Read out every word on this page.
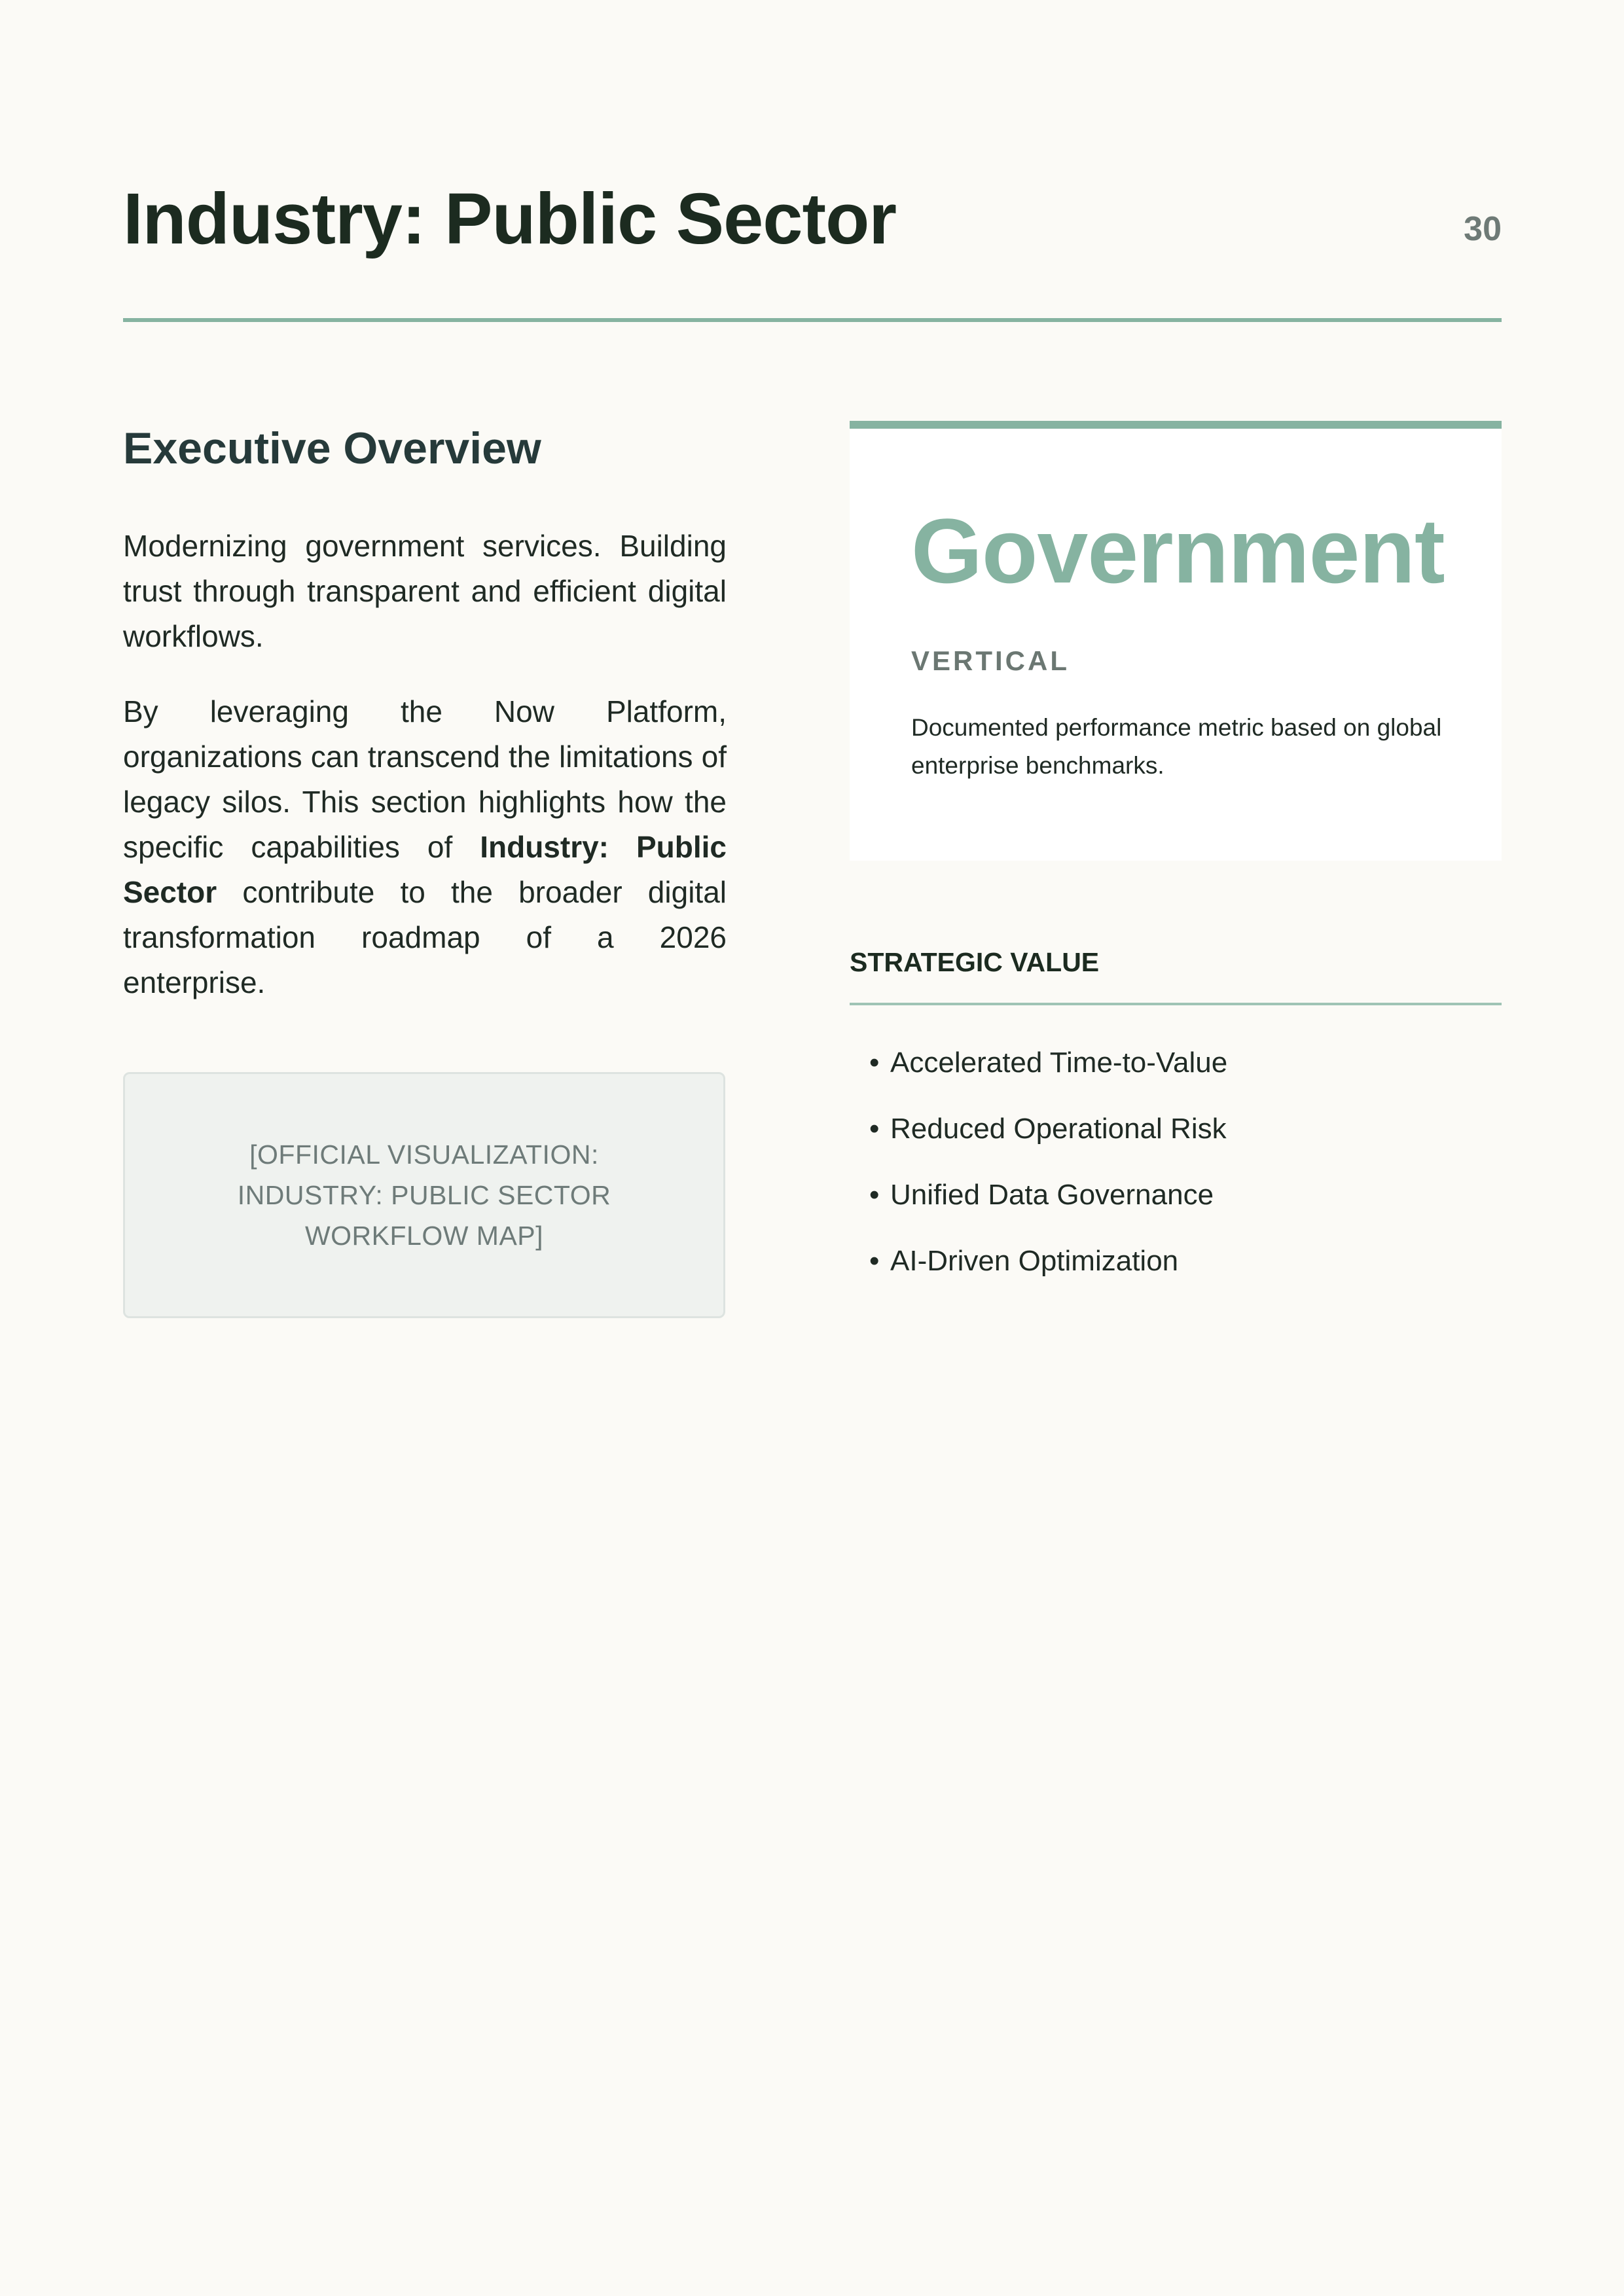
Industry: Public Sector	30
Executive Overview

Modernizing government services. Building trust through transparent and efficient digital workflows.

By leveraging the Now Platform, organizations can transcend the limitations of legacy silos. This section highlights how the specific capabilities of Industry: Public Sector contribute to the broader digital transformation roadmap of a 2026 enterprise.

[OFFICIAL VISUALIZATION: INDUSTRY: PUBLIC SECTOR WORKFLOW MAP]
Government
VERTICAL
Documented performance metric based on global enterprise benchmarks.
STRATEGIC VALUE
• Accelerated Time-to-Value
• Reduced Operational Risk
• Unified Data Governance
• AI-Driven Optimization
